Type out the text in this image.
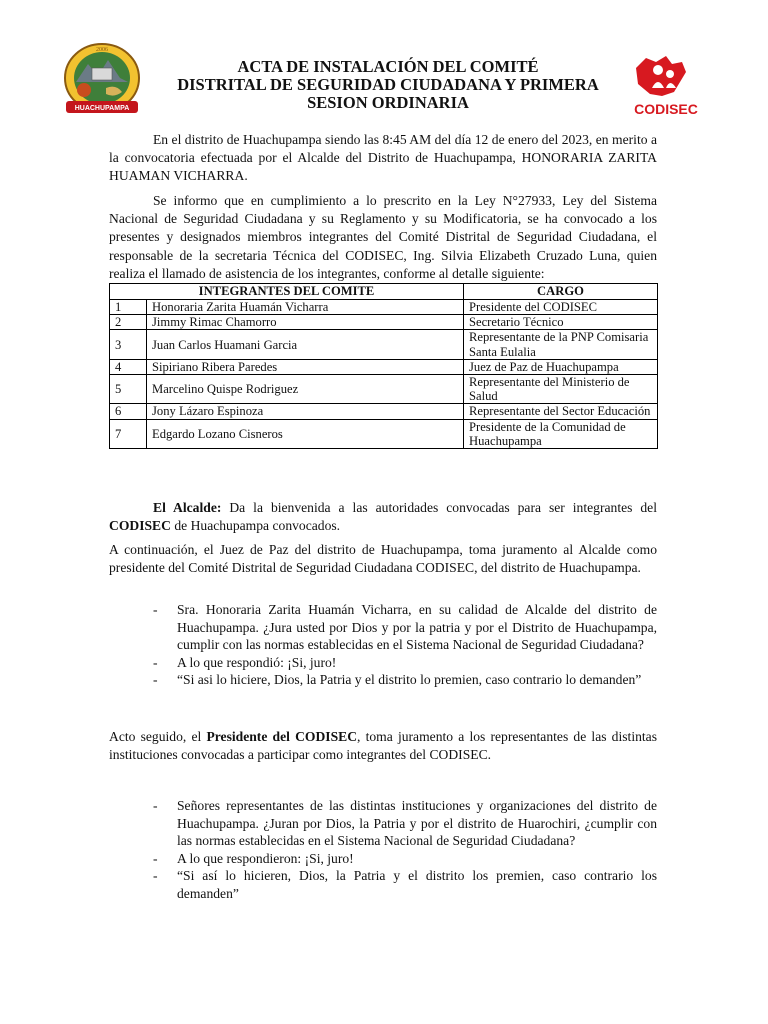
2006
HUACHUPAMPA	CODISEC
ACTA DE INSTALACIÓN DEL COMITÉ
DISTRITAL DE SEGURIDAD CIUDADANA Y PRIMERA
SESION ORDINARIA
En el distrito de Huachupampa siendo las 8:45 AM del día 12 de enero del 2023, en merito a la convocatoria efectuada por el Alcalde del Distrito de Huachupampa, HONORARIA ZARITA HUAMAN VICHARRA.
Se informo que en cumplimiento a lo prescrito en la Ley N°27933, Ley del Sistema Nacional de Seguridad Ciudadana y su Reglamento y su Modificatoria, se ha convocado a los presentes y designados miembros integrantes del Comité Distrital de Seguridad Ciudadana, el responsable de la secretaria Técnica del CODISEC, Ing. Silvia Elizabeth Cruzado Luna, quien realiza el llamado de asistencia de los integrantes, conforme al detalle siguiente:
INTEGRANTES DEL COMITE		CARGO
1	Honoraria Zarita Huamán Vicharra	Presidente del CODISEC
2	Jimmy Rimac Chamorro	Secretario Técnico
3	Juan Carlos Huamani Garcia	Representante de la PNP Comisaria Santa Eulalia
4	Sipiriano Ribera Paredes	Juez de Paz de Huachupampa
5	Marcelino Quispe Rodriguez	Representante del Ministerio de Salud
6	Jony Lázaro Espinoza	Representante del Sector Educación
7	Edgardo Lozano Cisneros	Presidente de la Comunidad de Huachupampa
El Alcalde: Da la bienvenida a las autoridades convocadas para ser integrantes del CODISEC de Huachupampa convocados.
A continuación, el Juez de Paz del distrito de Huachupampa, toma juramento al Alcalde como presidente del Comité Distrital de Seguridad Ciudadana CODISEC, del distrito de Huachupampa.
- Sra. Honoraria Zarita Huamán Vicharra, en su calidad de Alcalde del distrito de Huachupampa. ¿Jura usted por Dios y por la patria y por el Distrito de Huachupampa, cumplir con las normas establecidas en el Sistema Nacional de Seguridad Ciudadana?
- A lo que respondió: ¡Si, juro!
- “Si asi lo hiciere, Dios, la Patria y el distrito lo premien, caso contrario lo demanden”
Acto seguido, el Presidente del CODISEC, toma juramento a los representantes de las distintas instituciones convocadas a participar como integrantes del CODISEC.
- Señores representantes de las distintas instituciones y organizaciones del distrito de Huachupampa. ¿Juran por Dios, la Patria y por el distrito de Huarochiri, ¿cumplir con las normas establecidas en el Sistema Nacional de Seguridad Ciudadana?
- A lo que respondieron: ¡Si, juro!
- “Si así lo hicieren, Dios, la Patria y el distrito los premien, caso contrario los demanden”
